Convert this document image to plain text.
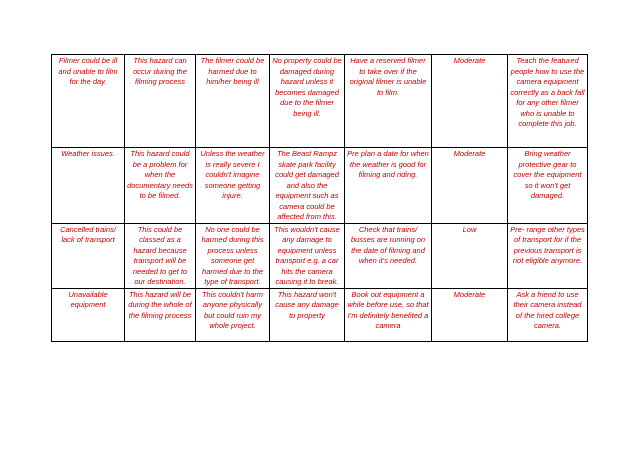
Filmer could be ill and unable to film for the day.	This hazard can occur during the filming process	The filmer could be harmed due to him/her being ill	No property could be damaged during hazard unless it becomes damaged due to the filmer being ill.	Have a reserved filmer to take over if the original filmer is unable to film.	Moderate	Teach the featured people how to use the camera equipment correctly as a back fall for any other filmer who is unable to complete this job.
Weather issues.	This hazard could be a problem for when the documentary needs to be filmed.	Unless the weather is really severe I couldn't imagine someone getting injure.	The Beast Rampz skate park facility could get damaged and also the equipment such as camera could be affected from this.	Pre plan a date for when the weather is good for filming and riding.	Moderate	Bring weather protective gear to cover the equipment so it won't get damaged.
Cancelled trains/ lack of transport	This could be classed as a hazard because transport will be needed to get to our destination.	No one could be harmed during this process unless someone get harmed due to the type of transport.	This wouldn't cause any damage to equipment unless transport e.g. a car hits the camera causing it to break.	Check that trains/ busses are running on the date of filming and when it's needed.	Low	Pre- range other types of transport for if the previous transport is not eligible anymore.
Unavailable equipment	This hazard will be during the whole of the filming process	This couldn't harm anyone physically but could ruin my whole project.	This hazard won't cause any damage to property	Book out equipment a while before use, so that I'm definitely benefited a camera	Moderate	Ask a friend to use their camera instead of the hired college camera.
